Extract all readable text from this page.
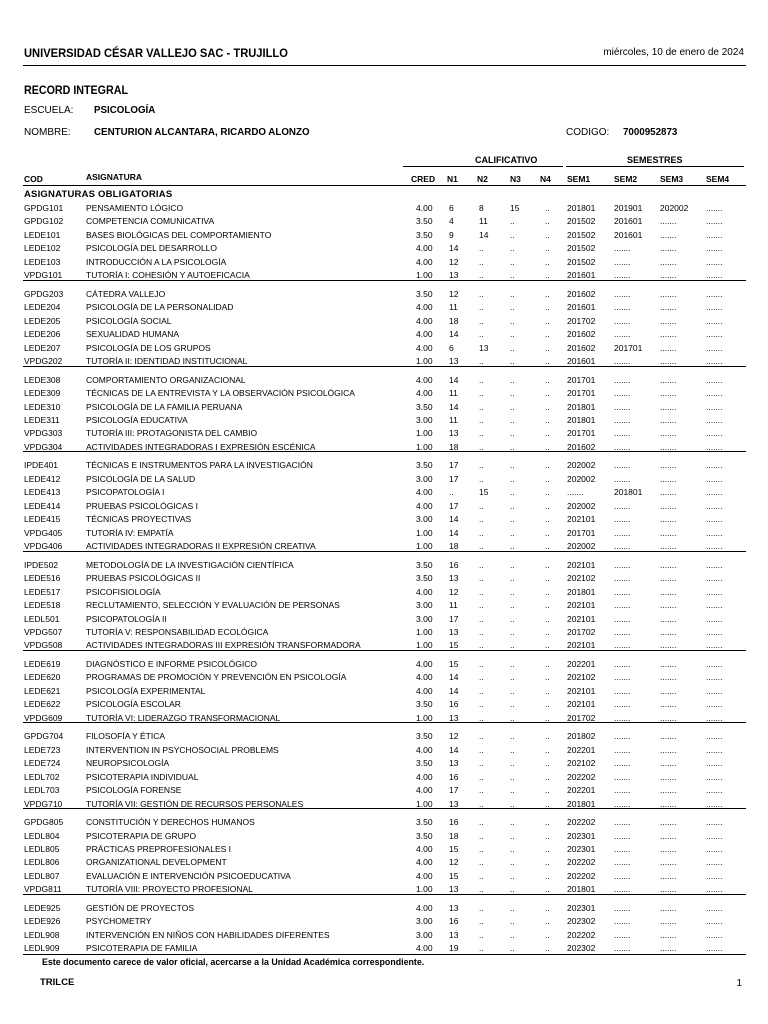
UNIVERSIDAD CÉSAR VALLEJO SAC - TRUJILLO	miércoles, 10 de enero de 2024
RECORD INTEGRAL
ESCUELA: PSICOLOGÍA
NOMBRE: CENTURION ALCANTARA, RICARDO ALONZO	CODIGO: 7000952873
CALIFICATIVO	SEMESTRES
COD	ASIGNATURA	CRED N1 N2	N3 N4 SEM1	SEM2	SEM3	SEM4
ASIGNATURAS OBLIGATORIAS
GPDG101	PENSAMIENTO LÓGICO	4.00 6	8	15	.. 201801 201901 202002 .......
GPDG102	COMPETENCIA COMUNICATIVA	3.50 4	11	..	.. 201502 201601 .......	.......
LEDE101	BASES BIOLÓGICAS DEL COMPORTAMIENTO	3.50 9	14	..	.. 201502 201601 .......	.......
LEDE102	PSICOLOGÍA DEL DESARROLLO	4.00 14 ..	..	.. 201502 .......	.......	.......
LEDE103	INTRODUCCIÓN A LA PSICOLOGÍA	4.00 12 ..	..	.. 201502 .......	.......	.......
VPDG101	TUTORÍA I: COHESIÓN Y AUTOEFICACIA	1.00 13 ..	..	.. 201601 .......	.......	.......
GPDG203	CÁTEDRA VALLEJO	3.50 12 ..	..	.. 201602 .......	.......	.......
LEDE204	PSICOLOGÍA DE LA PERSONALIDAD	4.00 11 ..	..	.. 201601 .......	.......	.......
LEDE205	PSICOLOGÍA SOCIAL	4.00 18 ..	..	.. 201702 .......	.......	.......
LEDE206	SEXUALIDAD HUMANA	4.00 14 ..	..	.. 201602 .......	.......	.......
LEDE207	PSICOLOGÍA DE LOS GRUPOS	4.00 6	13	..	.. 201602 201701 .......	.......
VPDG202	TUTORÍA II: IDENTIDAD INSTITUCIONAL	1.00 13 ..	..	.. 201601 .......	.......	.......
LEDE308	COMPORTAMIENTO ORGANIZACIONAL	4.00 14 ..	..	.. 201701 .......	.......	.......
LEDE309	TÉCNICAS DE LA ENTREVISTA Y LA OBSERVACIÓN PSICOLÓGICA	4.00 11 ..	..	.. 201701 .......	.......	.......
LEDE310	PSICOLOGÍA DE LA FAMILIA PERUANA	3.50 14 ..	..	.. 201801 .......	.......	.......
LEDE311	PSICOLOGÍA EDUCATIVA	3.00 11 ..	..	.. 201801 .......	.......	.......
VPDG303	TUTORÍA III: PROTAGONISTA DEL CAMBIO	1.00 13 ..	..	.. 201701 .......	.......	.......
VPDG304	ACTIVIDADES INTEGRADORAS I EXPRESIÓN ESCÉNICA	1.00 18 ..	..	.. 201602 .......	.......	.......
IPDE401	TÉCNICAS E INSTRUMENTOS PARA LA INVESTIGACIÓN	3.50 17 ..	..	.. 202002 .......	.......	.......
LEDE412	PSICOLOGÍA DE LA SALUD	3.00 17 ..	..	.. 202002 .......	.......	.......
LEDE413	PSICOPATOLOGÍA I	4.00 ..	15	..	.. .......	201801 .......	.......
LEDE414	PRUEBAS PSICOLÓGICAS I	4.00 17 ..	..	.. 202002 .......	.......	.......
LEDE415	TÉCNICAS PROYECTIVAS	3.00 14 ..	..	.. 202101 .......	.......	.......
VPDG405	TUTORÍA IV: EMPATÍA	1.00 14 ..	..	.. 201701 .......	.......	.......
VPDG406	ACTIVIDADES INTEGRADORAS II EXPRESIÓN CREATIVA	1.00 18 ..	..	.. 202002 .......	.......	.......
IPDE502	METODOLOGÍA DE LA INVESTIGACIÓN CIENTÍFICA	3.50 16 ..	..	.. 202101 .......	.......	.......
LEDE516	PRUEBAS PSICOLÓGICAS II	3.50 13 ..	..	.. 202102 .......	.......	.......
LEDE517	PSICOFISIOLOGÍA	4.00 12 ..	..	.. 201801 .......	.......	.......
LEDE518	RECLUTAMIENTO, SELECCIÓN Y EVALUACIÓN DE PERSONAS	3.00 11 ..	..	.. 202101 .......	.......	.......
LEDL501	PSICOPATOLOGÍA II	3.00 17 ..	..	.. 202101 .......	.......	.......
VPDG507	TUTORÍA V: RESPONSABILIDAD ECOLÓGICA	1.00 13 ..	..	.. 201702 .......	.......	.......
VPDG508	ACTIVIDADES INTEGRADORAS III EXPRESIÓN TRANSFORMADORA	1.00 15 ..	..	.. 202101 .......	.......	.......
LEDE619	DIAGNÓSTICO E INFORME PSICOLÓGICO	4.00 15 ..	..	.. 202201 .......	.......	.......
LEDE620	PROGRAMAS DE PROMOCIÓN Y PREVENCIÓN EN PSICOLOGÍA	4.00 14 ..	..	.. 202102 .......	.......	.......
LEDE621	PSICOLOGÍA EXPERIMENTAL	4.00 14 ..	..	.. 202101 .......	.......	.......
LEDE622	PSICOLOGÍA ESCOLAR	3.50 16 ..	..	.. 202101 .......	.......	.......
VPDG609	TUTORÍA VI: LIDERAZGO TRANSFORMACIONAL	1.00 13 ..	..	.. 201702 .......	.......	.......
GPDG704	FILOSOFÍA Y ÉTICA	3.50 12 ..	..	.. 201802 .......	.......	.......
LEDE723	INTERVENTION IN PSYCHOSOCIAL PROBLEMS	4.00 14 ..	..	.. 202201 .......	.......	.......
LEDE724	NEUROPSICOLOGÍA	3.50 13 ..	..	.. 202102 .......	.......	.......
LEDL702	PSICOTERAPIA INDIVIDUAL	4.00 16 ..	..	.. 202202 .......	.......	.......
LEDL703	PSICOLOGÍA FORENSE	4.00 17 ..	..	.. 202201 .......	.......	.......
VPDG710	TUTORÍA VII: GESTIÓN DE RECURSOS PERSONALES	1.00 13 ..	..	.. 201801 .......	.......	.......
GPDG805	CONSTITUCIÓN Y DERECHOS HUMANOS	3.50 16 ..	..	.. 202202 .......	.......	.......
LEDL804	PSICOTERAPIA DE GRUPO	3.50 18 ..	..	.. 202301 .......	.......	.......
LEDL805	PRÁCTICAS PREPROFESIONALES I	4.00 15 ..	..	.. 202301 .......	.......	.......
LEDL806	ORGANIZATIONAL DEVELOPMENT	4.00 12 ..	..	.. 202202 .......	.......	.......
LEDL807	EVALUACIÓN E INTERVENCIÓN PSICOEDUCATIVA	4.00 15 ..	..	.. 202202 .......	.......	.......
VPDG811	TUTORÍA VIII: PROYECTO PROFESIONAL	1.00 13 ..	..	.. 201801 .......	.......	.......
LEDE925	GESTIÓN DE PROYECTOS	4.00 13 ..	..	.. 202301 .......	.......	.......
LEDE926	PSYCHOMETRY	3.00 16 ..	..	.. 202302 .......	.......	.......
LEDL908	INTERVENCIÓN EN NIÑOS CON HABILIDADES DIFERENTES	3.00 13 ..	..	.. 202202 .......	.......	.......
LEDL909	PSICOTERAPIA DE FAMILIA	4.00 19 ..	..	.. 202302 .......	.......	.......
Este documento carece de valor oficial, acercarse a la Unidad Académica correspondiente.
TRILCE	1
